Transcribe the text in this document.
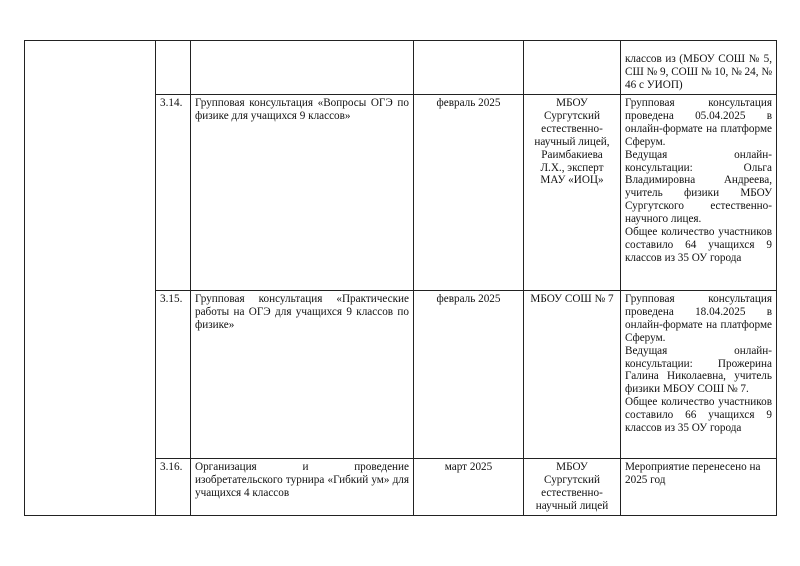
					классов из (МБОУ СОШ № 5, СШ № 9, СОШ № 10, № 24, № 46 с УИОП)

	3.14.	Групповая консультация «Вопросы ОГЭ по физике для учащихся 9 классов»	февраль 2025	МБОУ Сургутский естественно-научный лицей, Раимбакиева Л.Х., эксперт МАУ «ИОЦ»	Групповая консультация проведена 05.04.2025 в онлайн-формате на платформе Сферум.
Ведущая онлайн-консультации: Ольга Владимировна Андреева, учитель физики МБОУ Сургутского естественно-научного лицея.
Общее количество участников составило 64 учащихся 9 классов из 35 ОУ города

	3.15.	Групповая консультация «Практические работы на ОГЭ для учащихся 9 классов по физике»	февраль 2025	МБОУ СОШ № 7	Групповая консультация проведена 18.04.2025 в онлайн-формате на платформе Сферум.
Ведущая онлайн-консультации: Прожерина Галина Николаевна, учитель физики МБОУ СОШ № 7.
Общее количество участников составило 66 учащихся 9 классов из 35 ОУ города

	3.16.	Организация и проведение изобретательского турнира «Гибкий ум» для учащихся 4 классов	март 2025	МБОУ Сургутский естественно-научный лицей	Мероприятие перенесено на 2025 год
